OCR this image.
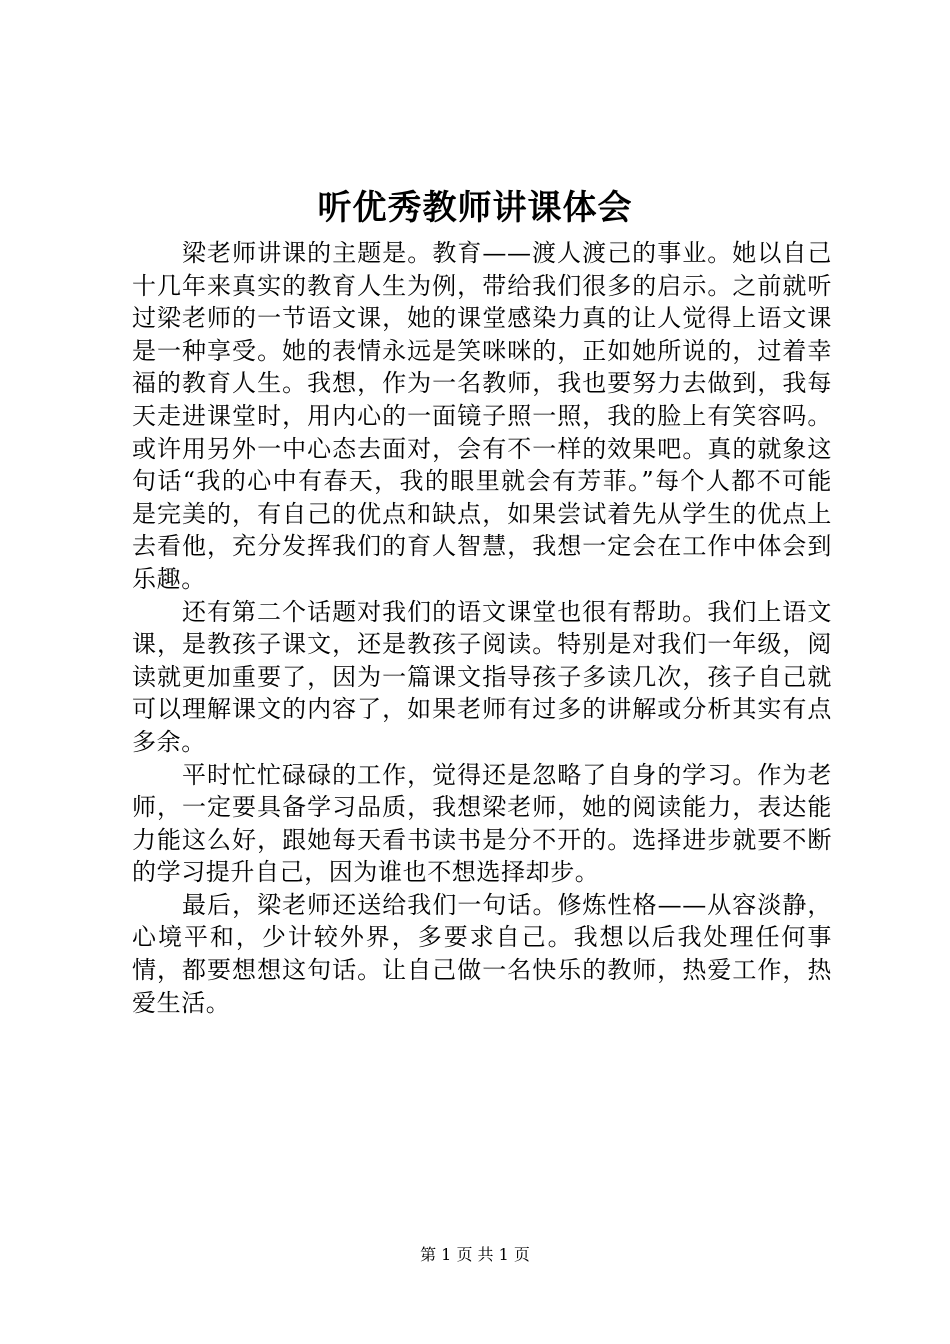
听优秀教师讲课体会

梁老师讲课的主题是。教育——渡人渡己的事业。她以自己十几年来真实的教育人生为例，带给我们很多的启示。之前就听过梁老师的一节语文课，她的课堂感染力真的让人觉得上语文课是一种享受。她的表情永远是笑咪咪的，正如她所说的，过着幸福的教育人生。我想，作为一名教师，我也要努力去做到，我每天走进课堂时，用内心的一面镜子照一照，我的脸上有笑容吗。或许用另外一中心态去面对，会有不一样的效果吧。真的就象这句话“我的心中有春天，我的眼里就会有芳菲。”每个人都不可能是完美的，有自己的优点和缺点，如果尝试着先从学生的优点上去看他，充分发挥我们的育人智慧，我想一定会在工作中体会到乐趣。

还有第二个话题对我们的语文课堂也很有帮助。我们上语文课，是教孩子课文，还是教孩子阅读。特别是对我们一年级，阅读就更加重要了，因为一篇课文指导孩子多读几次，孩子自己就可以理解课文的内容了，如果老师有过多的讲解或分析其实有点多余。

平时忙忙碌碌的工作，觉得还是忽略了自身的学习。作为老师，一定要具备学习品质，我想梁老师，她的阅读能力，表达能力能这么好，跟她每天看书读书是分不开的。选择进步就要不断的学习提升自己，因为谁也不想选择却步。

最后，梁老师还送给我们一句话。修炼性格——从容淡静，心境平和，少计较外界，多要求自己。我想以后我处理任何事情，都要想想这句话。让自己做一名快乐的教师，热爱工作，热爱生活。

第 1 页 共 1 页
